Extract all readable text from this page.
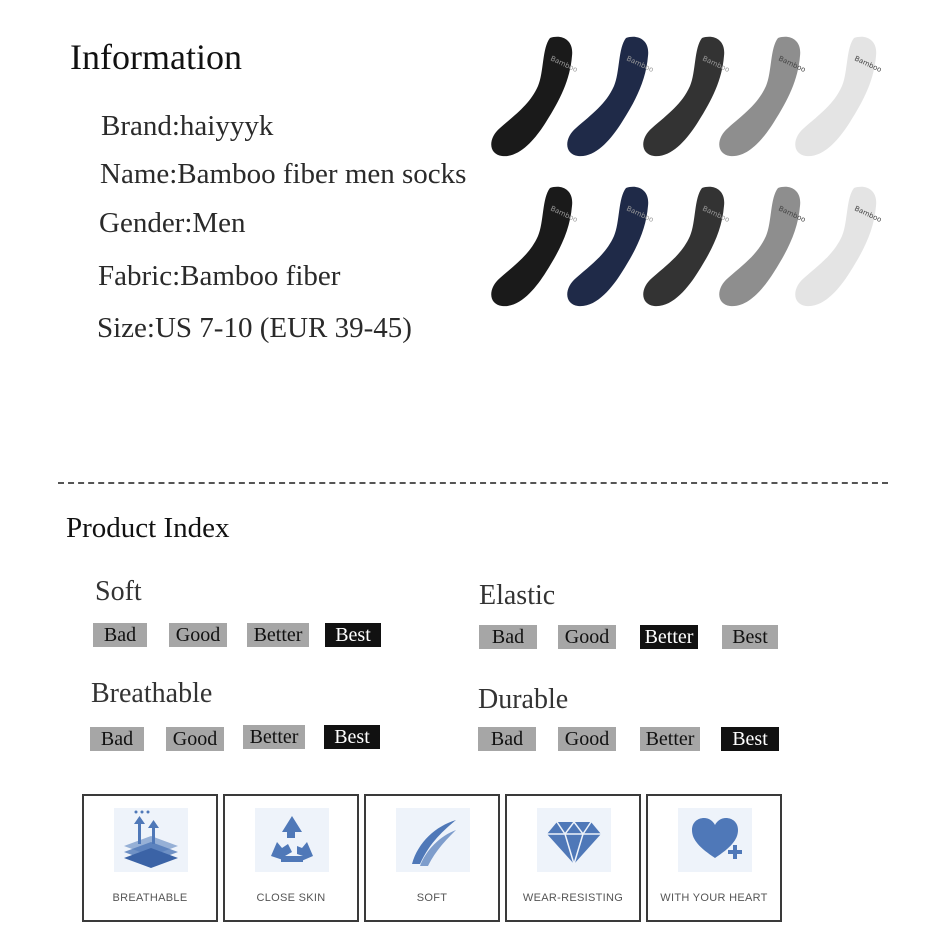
Information
Brand:haiyyyk
Name:Bamboo fiber men socks
Gender:Men
Fabric:Bamboo fiber
Size:US 7-10 (EUR 39-45)
Bamboo	Bamboo	Bamboo	Bamboo	Bamboo
Bamboo	Bamboo	Bamboo	Bamboo	Bamboo
Product Index
Soft
Bad	Good	Better	Best
Elastic
Bad	Good	Better	Best
Breathable
Bad	Good	Better	Best
Durable
Bad	Good	Better	Best
BREATHABLE	CLOSE SKIN	SOFT	WEAR-RESISTING	WITH YOUR HEART
